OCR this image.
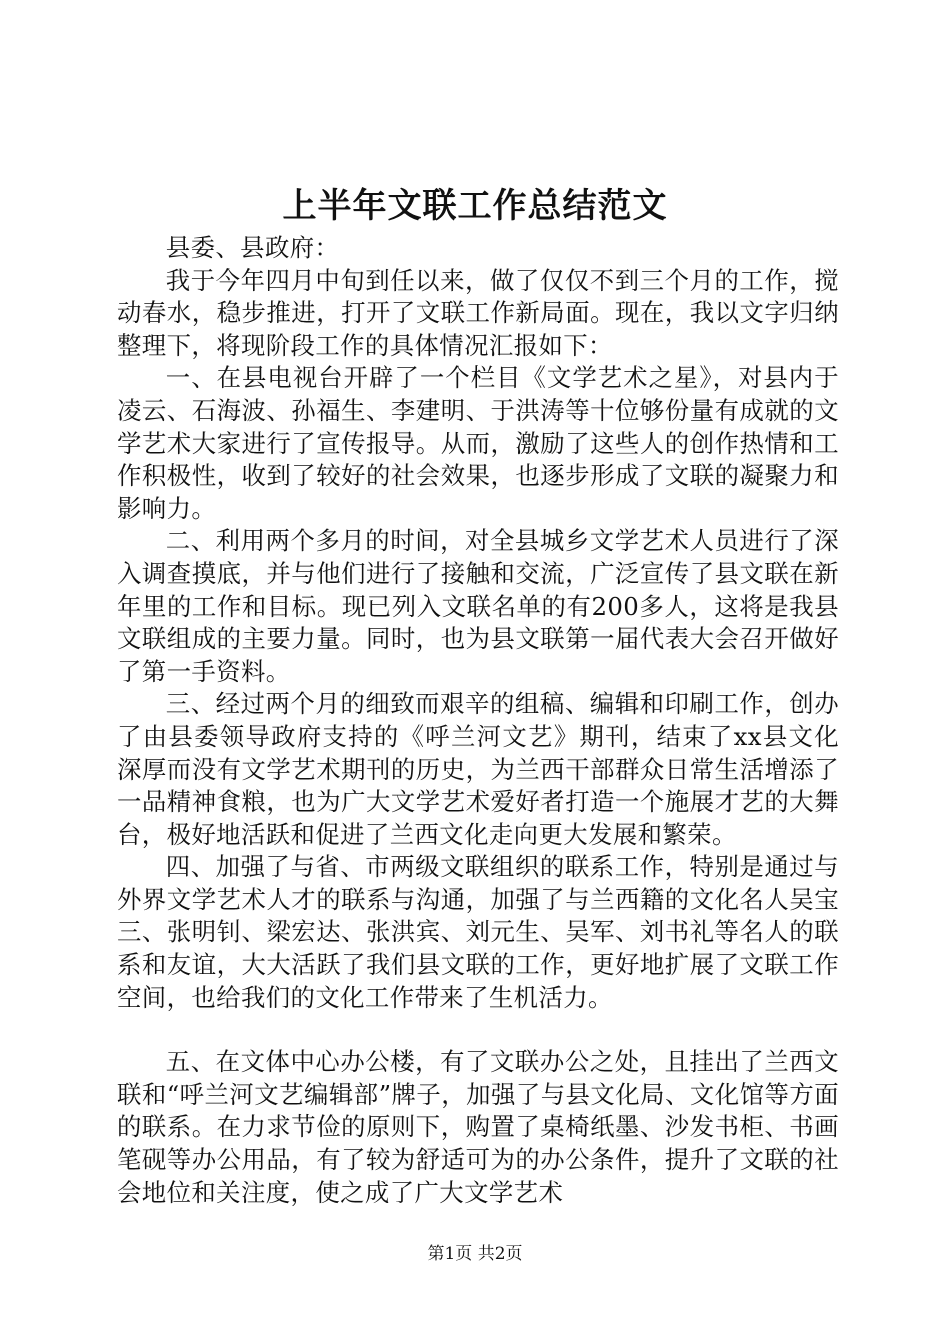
上半年文联工作总结范文

县委、县政府：

我于今年四月中旬到任以来，做了仅仅不到三个月的工作，搅动春水，稳步推进，打开了文联工作新局面。现在，我以文字归纳整理下，将现阶段工作的具体情况汇报如下：

一、在县电视台开辟了一个栏目《文学艺术之星》，对县内于凌云、石海波、孙福生、李建明、于洪涛等十位够份量有成就的文学艺术大家进行了宣传报导。从而，激励了这些人的创作热情和工作积极性，收到了较好的社会效果，也逐步形成了文联的凝聚力和影响力。

二、利用两个多月的时间，对全县城乡文学艺术人员进行了深入调查摸底，并与他们进行了接触和交流，广泛宣传了县文联在新年里的工作和目标。现已列入文联名单的有200多人，这将是我县文联组成的主要力量。同时，也为县文联第一届代表大会召开做好了第一手资料。

三、经过两个月的细致而艰辛的组稿、编辑和印刷工作，创办了由县委领导政府支持的《呼兰河文艺》期刊，结束了xx县文化深厚而没有文学艺术期刊的历史，为兰西干部群众日常生活增添了一品精神食粮，也为广大文学艺术爱好者打造一个施展才艺的大舞台，极好地活跃和促进了兰西文化走向更大发展和繁荣。

四、加强了与省、市两级文联组织的联系工作，特别是通过与外界文学艺术人才的联系与沟通，加强了与兰西籍的文化名人吴宝三、张明钊、梁宏达、张洪宾、刘元生、吴军、刘书礼等名人的联系和友谊，大大活跃了我们县文联的工作，更好地扩展了文联工作空间，也给我们的文化工作带来了生机活力。

五、在文体中心办公楼，有了文联办公之处，且挂出了兰西文联和“呼兰河文艺编辑部”牌子，加强了与县文化局、文化馆等方面的联系。在力求节俭的原则下，购置了桌椅纸墨、沙发书柜、书画笔砚等办公用品，有了较为舒适可为的办公条件，提升了文联的社会地位和关注度，使之成了广大文学艺术

第1页 共2页
